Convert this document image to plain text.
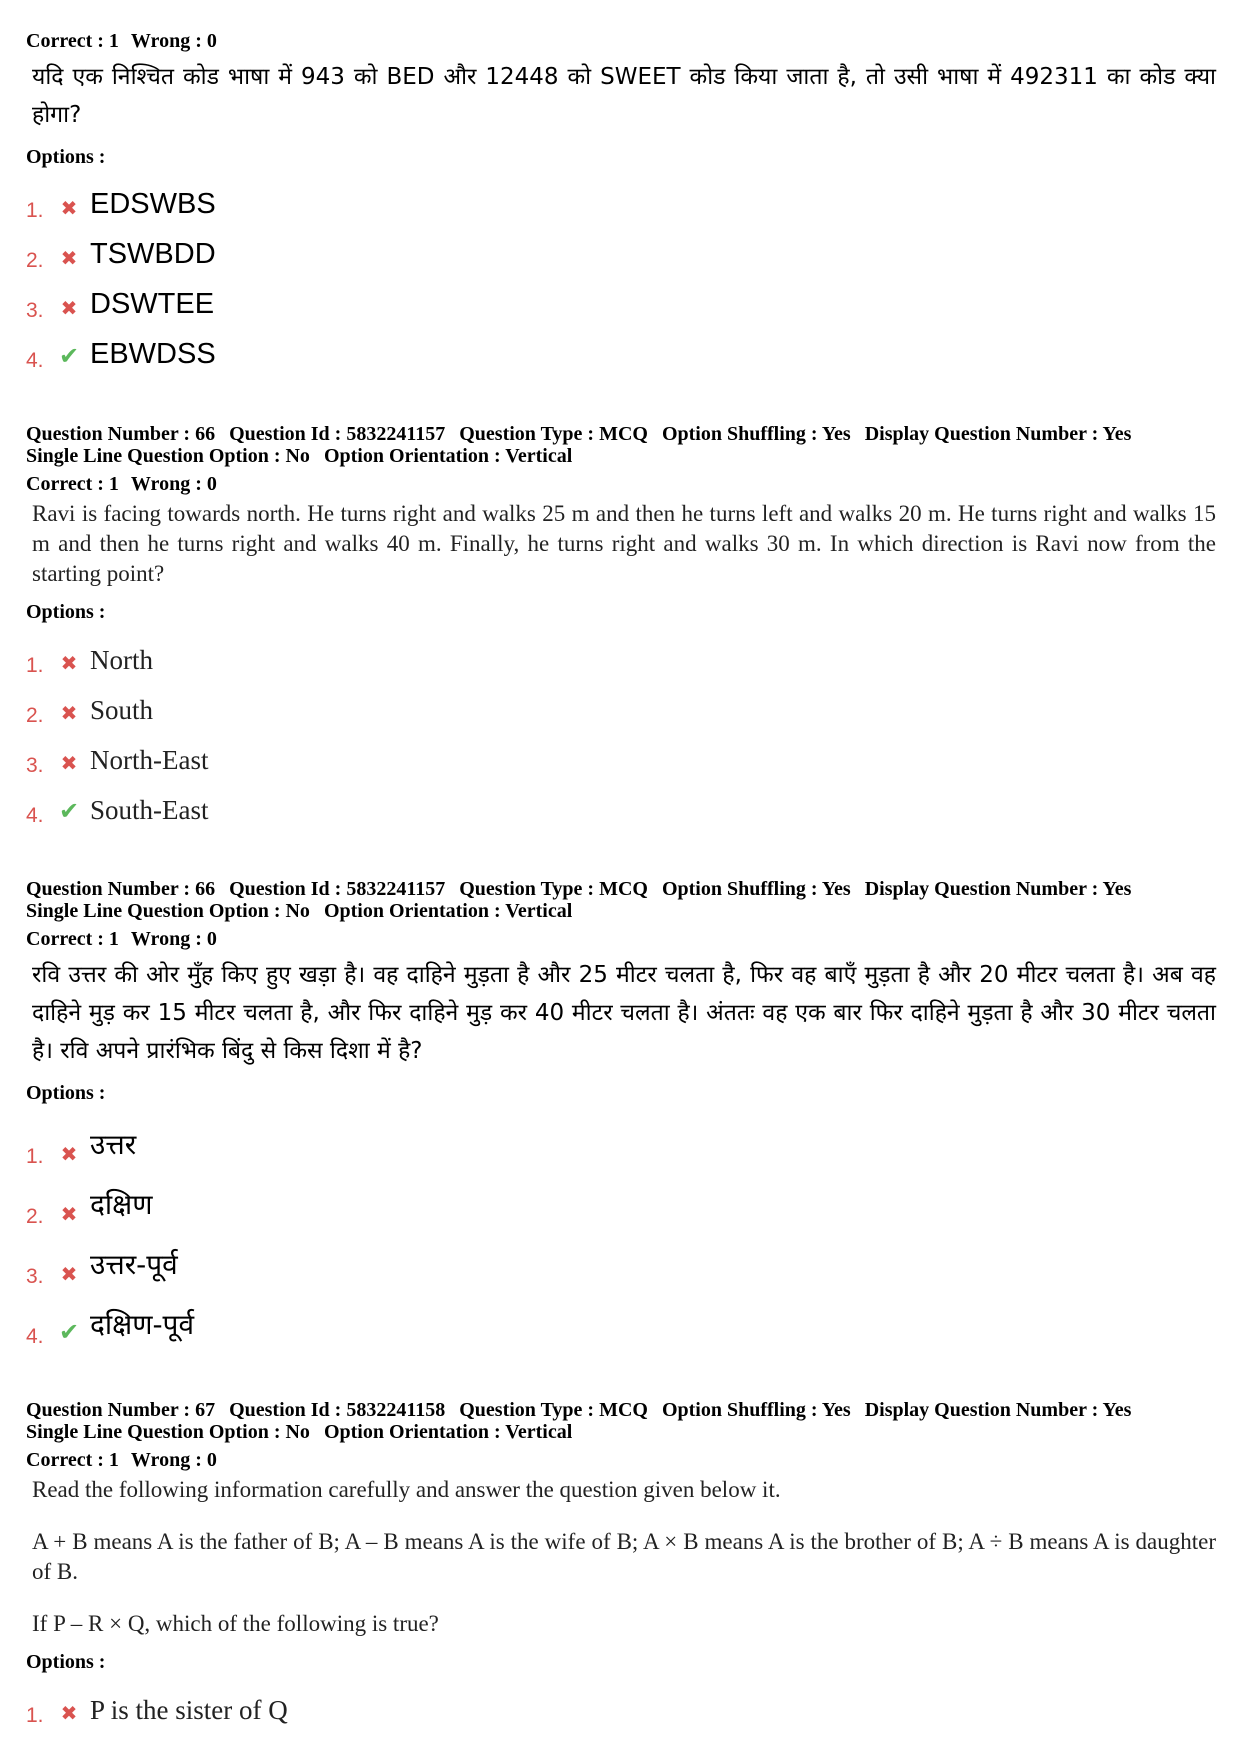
Correct : 1 Wrong : 0
यदि एक निश्चित कोड भाषा में 943 को BED और 12448 को SWEET कोड किया जाता है, तो उसी भाषा में 492311 का कोड क्या होगा?
Options :
1. ✖ EDSWBS
2. ✖ TSWBDD
3. ✖ DSWTEE
4. ✔ EBWDSS
Question Number : 66 Question Id : 5832241157 Question Type : MCQ Option Shuffling : Yes Display Question Number : Yes
Single Line Question Option : No Option Orientation : Vertical
Correct : 1 Wrong : 0
Ravi is facing towards north. He turns right and walks 25 m and then he turns left and walks 20 m. He turns right and walks 15 m and then he turns right and walks 40 m. Finally, he turns right and walks 30 m. In which direction is Ravi now from the starting point?
Options :
1. ✖ North
2. ✖ South
3. ✖ North-East
4. ✔ South-East
Question Number : 66 Question Id : 5832241157 Question Type : MCQ Option Shuffling : Yes Display Question Number : Yes
Single Line Question Option : No Option Orientation : Vertical
Correct : 1 Wrong : 0
रवि उत्तर की ओर मुँह किए हुए खड़ा है। वह दाहिने मुड़ता है और 25 मीटर चलता है, फिर वह बाएँ मुड़ता है और 20 मीटर चलता है। अब वह दाहिने मुड़ कर 15 मीटर चलता है, और फिर दाहिने मुड़ कर 40 मीटर चलता है। अंततः वह एक बार फिर दाहिने मुड़ता है और 30 मीटर चलता है। रवि अपने प्रारंभिक बिंदु से किस दिशा में है?
Options :
1. ✖ उत्तर
2. ✖ दक्षिण
3. ✖ उत्तर-पूर्व
4. ✔ दक्षिण-पूर्व
Question Number : 67 Question Id : 5832241158 Question Type : MCQ Option Shuffling : Yes Display Question Number : Yes
Single Line Question Option : No Option Orientation : Vertical
Correct : 1 Wrong : 0

Read the following information carefully and answer the question given below it.

A + B means A is the father of B; A – B means A is the wife of B; A × B means A is the brother of B; A ÷ B means A is daughter of B.

If P – R × Q, which of the following is true?

Options :
1. ✖ P is the sister of Q
